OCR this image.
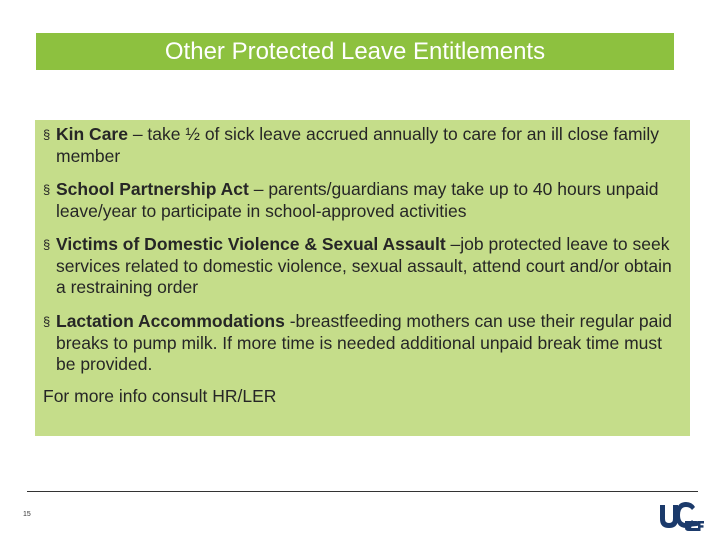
Other Protected Leave Entitlements
§ Kin Care – take ½ of sick leave accrued annually to care for an ill close family member
§ School Partnership Act – parents/guardians may take up to 40 hours unpaid leave/year to participate in school-approved activities
§ Victims of Domestic Violence & Sexual Assault –job protected leave to seek services related to domestic violence, sexual assault, attend court and/or obtain a restraining order
§ Lactation Accommodations -breastfeeding mothers can use their regular paid breaks to pump milk. If more time is needed additional unpaid break time must be provided.
For more info consult HR/LER
15
